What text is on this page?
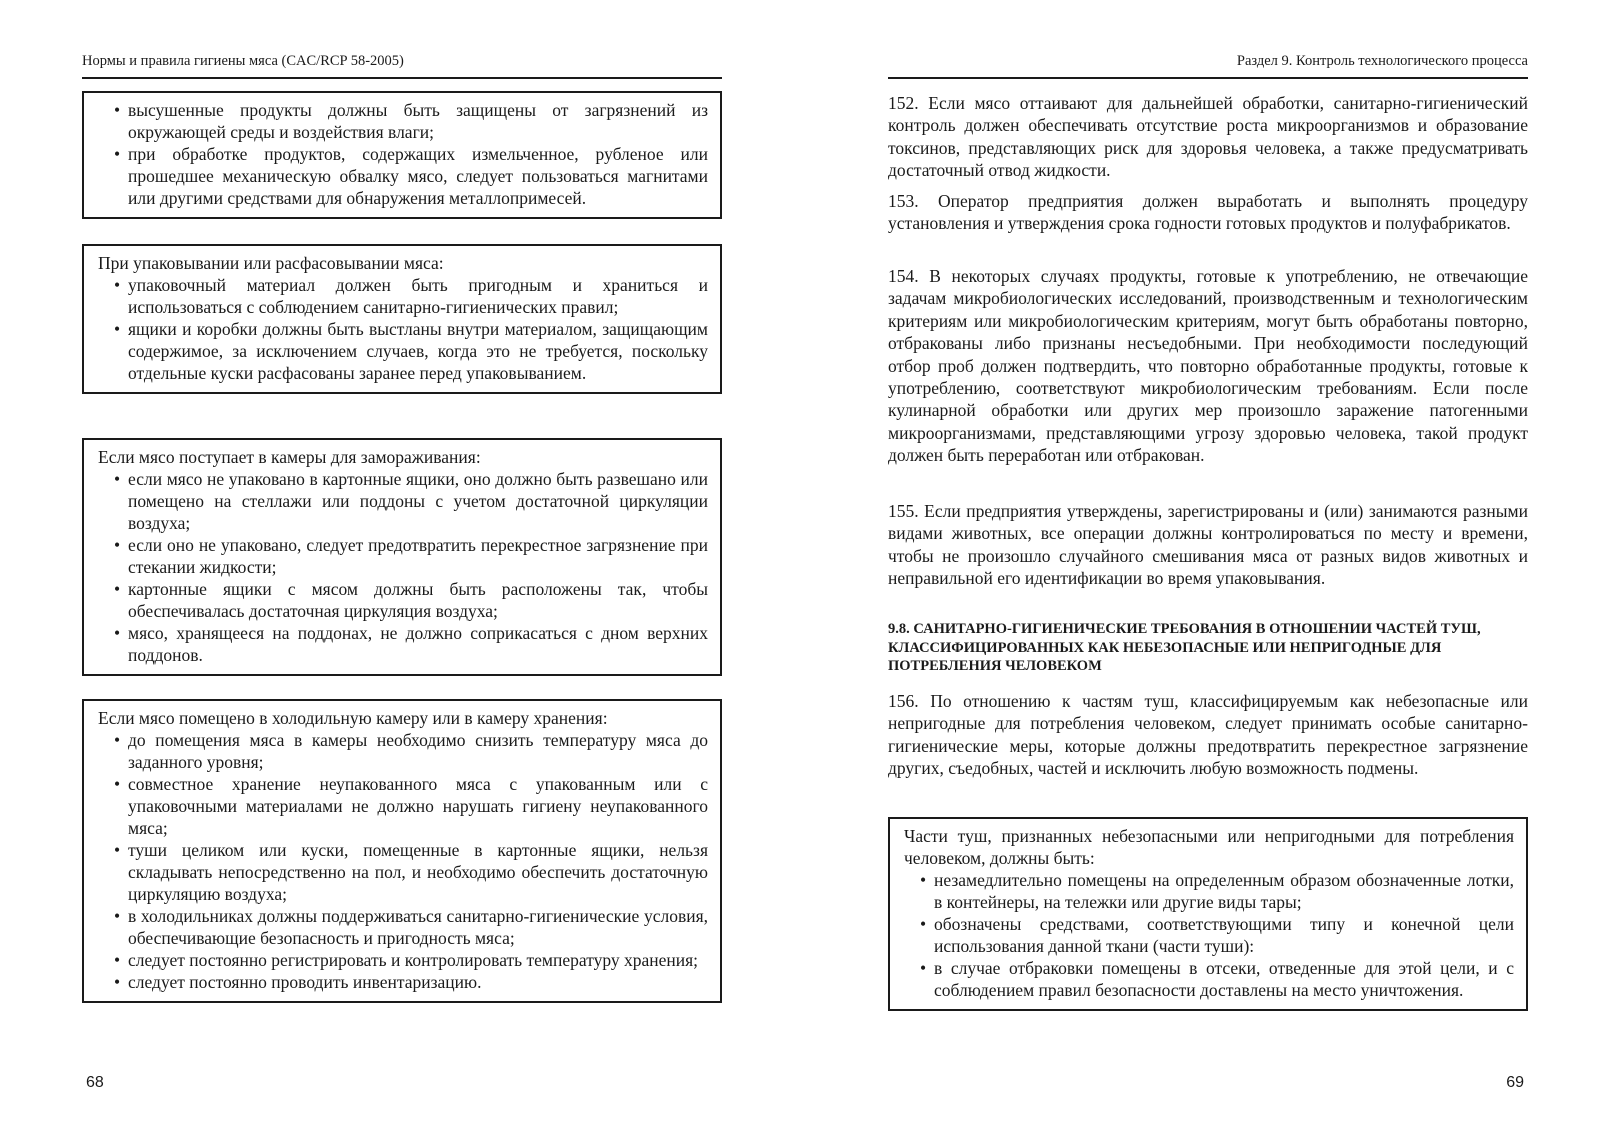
Нормы и правила гигиены мяса (CAC/RCP 58-2005)
• высушенные продукты должны быть защищены от загрязнений из окружающей среды и воздействия влаги;
• при обработке продуктов, содержащих измельченное, рубленое или прошедшее механическую обвалку мясо, следует пользоваться магнитами или другими средствами для обнаружения металлопримесей.

При упаковывании или расфасовывании мяса:

• упаковочный материал должен быть пригодным и храниться и использоваться с соблюдением санитарно-гигиенических правил;
• ящики и коробки должны быть выстланы внутри материалом, защищающим содержимое, за исключением случаев, когда это не требуется, поскольку отдельные куски расфасованы заранее перед упаковыванием.

Если мясо поступает в камеры для замораживания:

• если мясо не упаковано в картонные ящики, оно должно быть развешано или помещено на стеллажи или поддоны с учетом достаточной циркуляции воздуха;
• если оно не упаковано, следует предотвратить перекрестное загрязнение при стекании жидкости;
• картонные ящики с мясом должны быть расположены так, чтобы обеспечивалась достаточная циркуляция воздуха;
• мясо, хранящееся на поддонах, не должно соприкасаться с дном верхних поддонов.

Если мясо помещено в холодильную камеру или в камеру хранения:

• до помещения мяса в камеры необходимо снизить температуру мяса до заданного уровня;
• совместное хранение неупакованного мяса с упакованным или с упаковочными материалами не должно нарушать гигиену неупакованного мяса;
• туши целиком или куски, помещенные в картонные ящики, нельзя складывать непосредственно на пол, и необходимо обеспечить достаточную циркуляцию воздуха;
• в холодильниках должны поддерживаться санитарно-гигиенические условия, обеспечивающие безопасность и пригодность мяса;
• следует постоянно регистрировать и контролировать температуру хранения;
• следует постоянно проводить инвентаризацию.
68
Раздел 9. Контроль технологического процесса

152. Если мясо оттаивают для дальнейшей обработки, санитарно-гигиенический контроль должен обеспечивать отсутствие роста микроорганизмов и образование токсинов, представляющих риск для здоровья человека, а также предусматривать достаточный отвод жидкости.

153. Оператор предприятия должен выработать и выполнять процедуру установления и утверждения срока годности готовых продуктов и полуфабрикатов.

154. В некоторых случаях продукты, готовые к употреблению, не отвечающие задачам микробиологических исследований, производственным и технологическим критериям или микробиологическим критериям, могут быть обработаны повторно, отбракованы либо признаны несъедобными. При необходимости последующий отбор проб должен подтвердить, что повторно обработанные продукты, готовые к употреблению, соответствуют микробиологическим требованиям. Если после кулинарной обработки или других мер произошло заражение патогенными микроорганизмами, представляющими угрозу здоровью человека, такой продукт должен быть переработан или отбракован.

155. Если предприятия утверждены, зарегистрированы и (или) занимаются разными видами животных, все операции должны контролироваться по месту и времени, чтобы не произошло случайного смешивания мяса от разных видов животных и неправильной его идентификации во время упаковывания.

9.8. САНИТАРНО-ГИГИЕНИЧЕСКИЕ ТРЕБОВАНИЯ В ОТНОШЕНИИ ЧАСТЕЙ ТУШ, КЛАССИФИЦИРОВАННЫХ КАК НЕБЕЗОПАСНЫЕ ИЛИ НЕПРИГОДНЫЕ ДЛЯ ПОТРЕБЛЕНИЯ ЧЕЛОВЕКОМ

156. По отношению к частям туш, классифицируемым как небезопасные или непригодные для потребления человеком, следует принимать особые санитарно-гигиенические меры, которые должны предотвратить перекрестное загрязнение других, съедобных, частей и исключить любую возможность подмены.

Части туш, признанных небезопасными или непригодными для потребления человеком, должны быть:

• незамедлительно помещены на определенным образом обозначенные лотки, в контейнеры, на тележки или другие виды тары;
• обозначены средствами, соответствующими типу и конечной цели использования данной ткани (части туши):
• в случае отбраковки помещены в отсеки, отведенные для этой цели, и с соблюдением правил безопасности доставлены на место уничтожения.
69
